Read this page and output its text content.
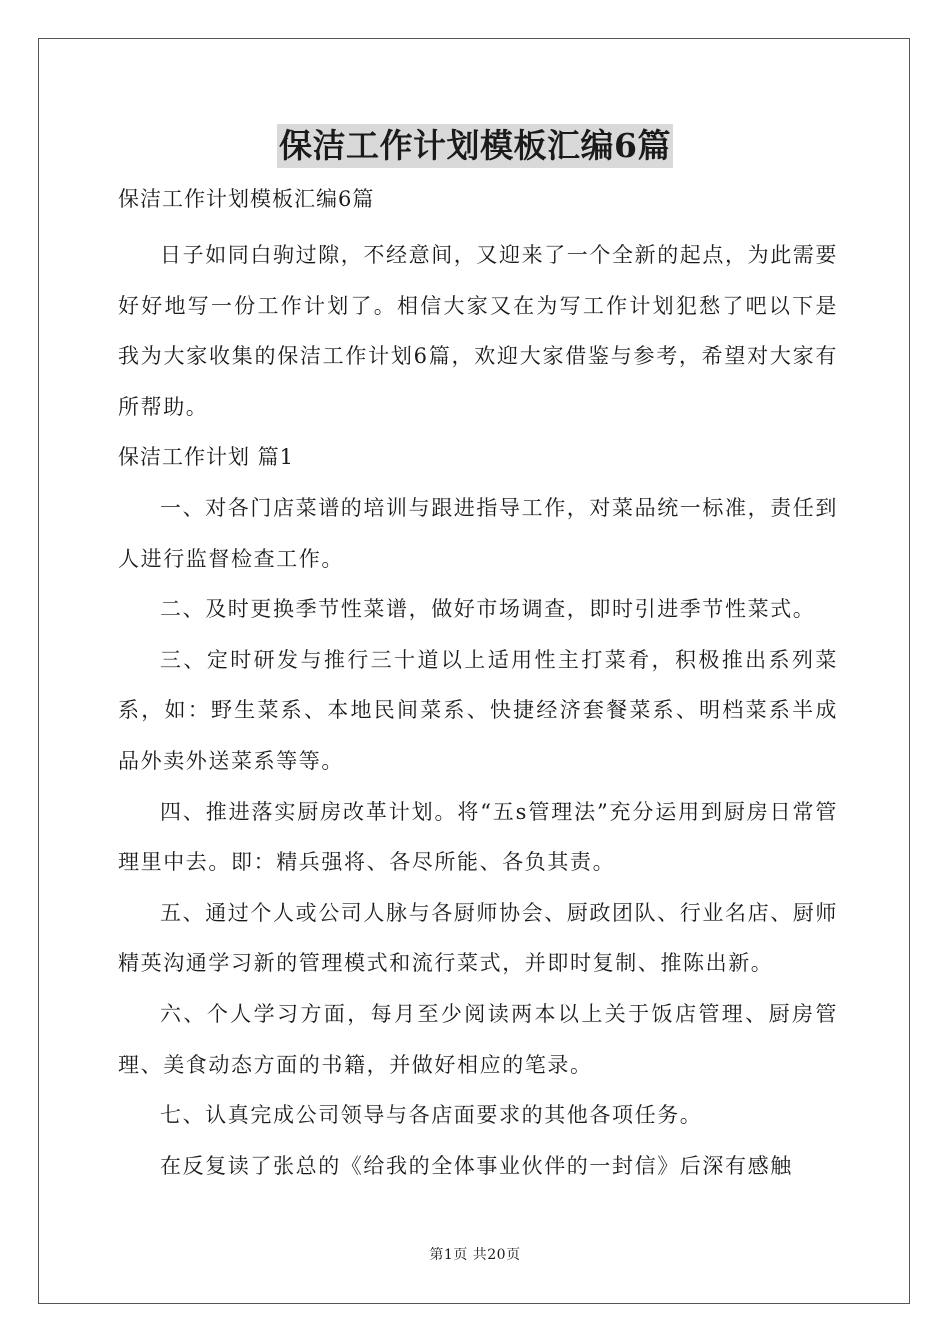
保洁工作计划模板汇编6篇
保洁工作计划模板汇编6篇

日子如同白驹过隙，不经意间，又迎来了一个全新的起点，为此需要好好地写一份工作计划了。相信大家又在为写工作计划犯愁了吧以下是我为大家收集的保洁工作计划6篇，欢迎大家借鉴与参考，希望对大家有所帮助。

保洁工作计划 篇1

一、对各门店菜谱的培训与跟进指导工作，对菜品统一标准，责任到人进行监督检查工作。

二、及时更换季节性菜谱，做好市场调查，即时引进季节性菜式。

三、定时研发与推行三十道以上适用性主打菜肴，积极推出系列菜系，如：野生菜系、本地民间菜系、快捷经济套餐菜系、明档菜系半成品外卖外送菜系等等。

四、推进落实厨房改革计划。将“五s管理法”充分运用到厨房日常管理里中去。即：精兵强将、各尽所能、各负其责。

五、通过个人或公司人脉与各厨师协会、厨政团队、行业名店、厨师精英沟通学习新的管理模式和流行菜式，并即时复制、推陈出新。

六、个人学习方面，每月至少阅读两本以上关于饭店管理、厨房管理、美食动态方面的书籍，并做好相应的笔录。

七、认真完成公司领导与各店面要求的其他各项任务。

在反复读了张总的《给我的全体事业伙伴的一封信》后深有感触

第1页 共20页
